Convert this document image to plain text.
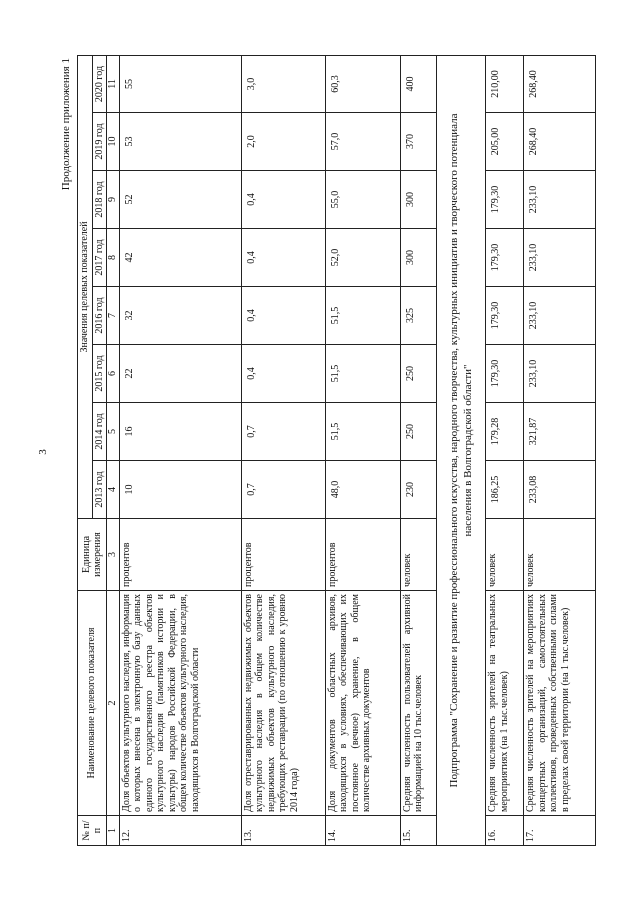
Продолжение приложения 1
№ п/п	Наименование целевого показателя	Единица измерения	Значения целевых показателей							
			2013 год	2014 год	2015 год	2016 год	2017 год	2018 год	2019 год	2020 год
1	2	3	4	5	6	7	8	9	10	11
12.	Доля объектов культурного наследия, информация о которых внесена в электронную базу данных единого государственного реестра объектов культурного наследия (памятников истории и культуры) народов Российской Федерации, в общем количестве объектов культурного наследия, находящихся в Волгоградской области	процентов	10	16	22	32	42	52	53	55
13.	Доля отреставрированных недвижимых объектов культурного наследия в общем количестве недвижимых объектов культурного наследия, требующих реставрации (по отношению к уровню 2014 года)	процентов	0,7	0,7	0,4	0,4	0,4	0,4	2,0	3,0
14.	Доля документов областных архивов, находящихся в условиях, обеспечивающих их постоянное (вечное) хранение, в общем количестве архивных документов	процентов	48,0	51,5	51,5	51,5	52,0	55,0	57,0	60,3
15.	Средняя численность пользователей архивной информацией на 10 тыс.человек	человек	230	250	250	325	300	300	370	400
Подпрограмма "Сохранение и развитие профессионального искусства, народного творчества, культурных инициатив и творческого потенциала населения в Волгоградской области"										
16.	Средняя численность зрителей на театральных мероприятиях (на 1 тыс.человек)	человек	186,25	179,28	179,30	179,30	179,30	179,30	205,00	210,00
17.	Средняя численность зрителей на мероприятиях концертных организаций, самостоятельных коллективов, проведенных собственными силами в пределах своей территории (на 1 тыс.человек)	человек	233,08	321,87	233,10	233,10	233,10	233,10	268,40	268,40
3
